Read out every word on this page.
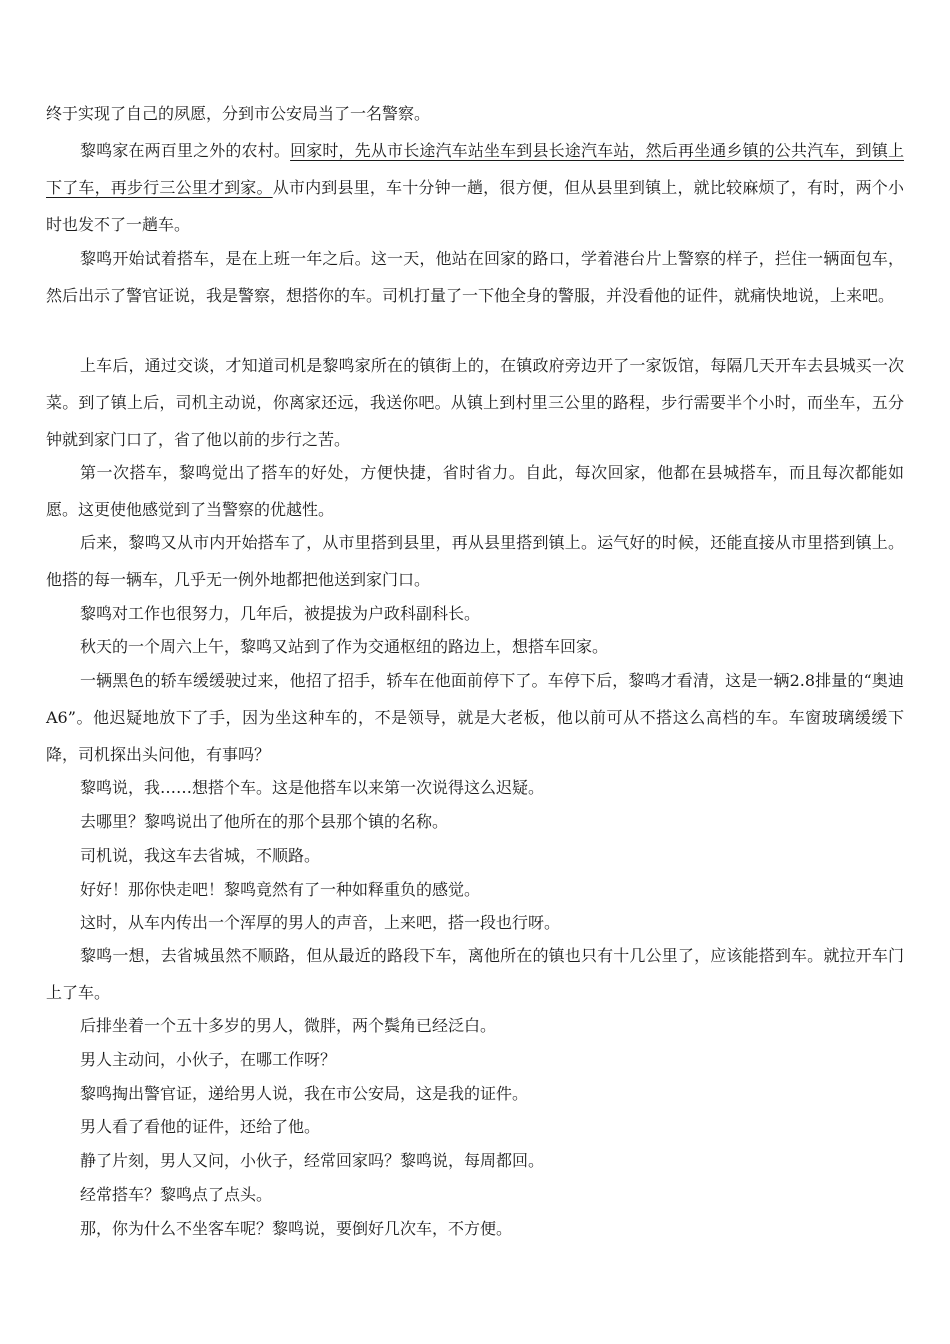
终于实现了自己的夙愿，分到市公安局当了一名警察。

黎鸣家在两百里之外的农村。回家时，先从市长途汽车站坐车到县长途汽车站，然后再坐通乡镇的公共汽车，到镇上下了车，再步行三公里才到家。从市内到县里，车十分钟一趟，很方便，但从县里到镇上，就比较麻烦了，有时，两个小时也发不了一趟车。

黎鸣开始试着搭车，是在上班一年之后。这一天，他站在回家的路口，学着港台片上警察的样子，拦住一辆面包车，然后出示了警官证说，我是警察，想搭你的车。司机打量了一下他全身的警服，并没看他的证件，就痛快地说，上来吧。

上车后，通过交谈，才知道司机是黎鸣家所在的镇街上的，在镇政府旁边开了一家饭馆，每隔几天开车去县城买一次菜。到了镇上后，司机主动说，你离家还远，我送你吧。从镇上到村里三公里的路程，步行需要半个小时，而坐车，五分钟就到家门口了，省了他以前的步行之苦。

第一次搭车，黎鸣觉出了搭车的好处，方便快捷，省时省力。自此，每次回家，他都在县城搭车，而且每次都能如愿。这更使他感觉到了当警察的优越性。

后来，黎鸣又从市内开始搭车了，从市里搭到县里，再从县里搭到镇上。运气好的时候，还能直接从市里搭到镇上。他搭的每一辆车，几乎无一例外地都把他送到家门口。

黎鸣对工作也很努力，几年后，被提拔为户政科副科长。

秋天的一个周六上午，黎鸣又站到了作为交通枢纽的路边上，想搭车回家。

一辆黑色的轿车缓缓驶过来，他招了招手，轿车在他面前停下了。车停下后，黎鸣才看清，这是一辆2.8排量的“奥迪A6”。他迟疑地放下了手，因为坐这种车的，不是领导，就是大老板，他以前可从不搭这么高档的车。车窗玻璃缓缓下降，司机探出头问他，有事吗？

黎鸣说，我……想搭个车。这是他搭车以来第一次说得这么迟疑。

去哪里？黎鸣说出了他所在的那个县那个镇的名称。

司机说，我这车去省城，不顺路。

好好！那你快走吧！黎鸣竟然有了一种如释重负的感觉。

这时，从车内传出一个浑厚的男人的声音，上来吧，搭一段也行呀。

黎鸣一想，去省城虽然不顺路，但从最近的路段下车，离他所在的镇也只有十几公里了，应该能搭到车。就拉开车门上了车。

后排坐着一个五十多岁的男人，微胖，两个鬓角已经泛白。

男人主动问，小伙子，在哪工作呀？

黎鸣掏出警官证，递给男人说，我在市公安局，这是我的证件。

男人看了看他的证件，还给了他。

静了片刻，男人又问，小伙子，经常回家吗？黎鸣说，每周都回。

经常搭车？黎鸣点了点头。

那，你为什么不坐客车呢？黎鸣说，要倒好几次车，不方便。
